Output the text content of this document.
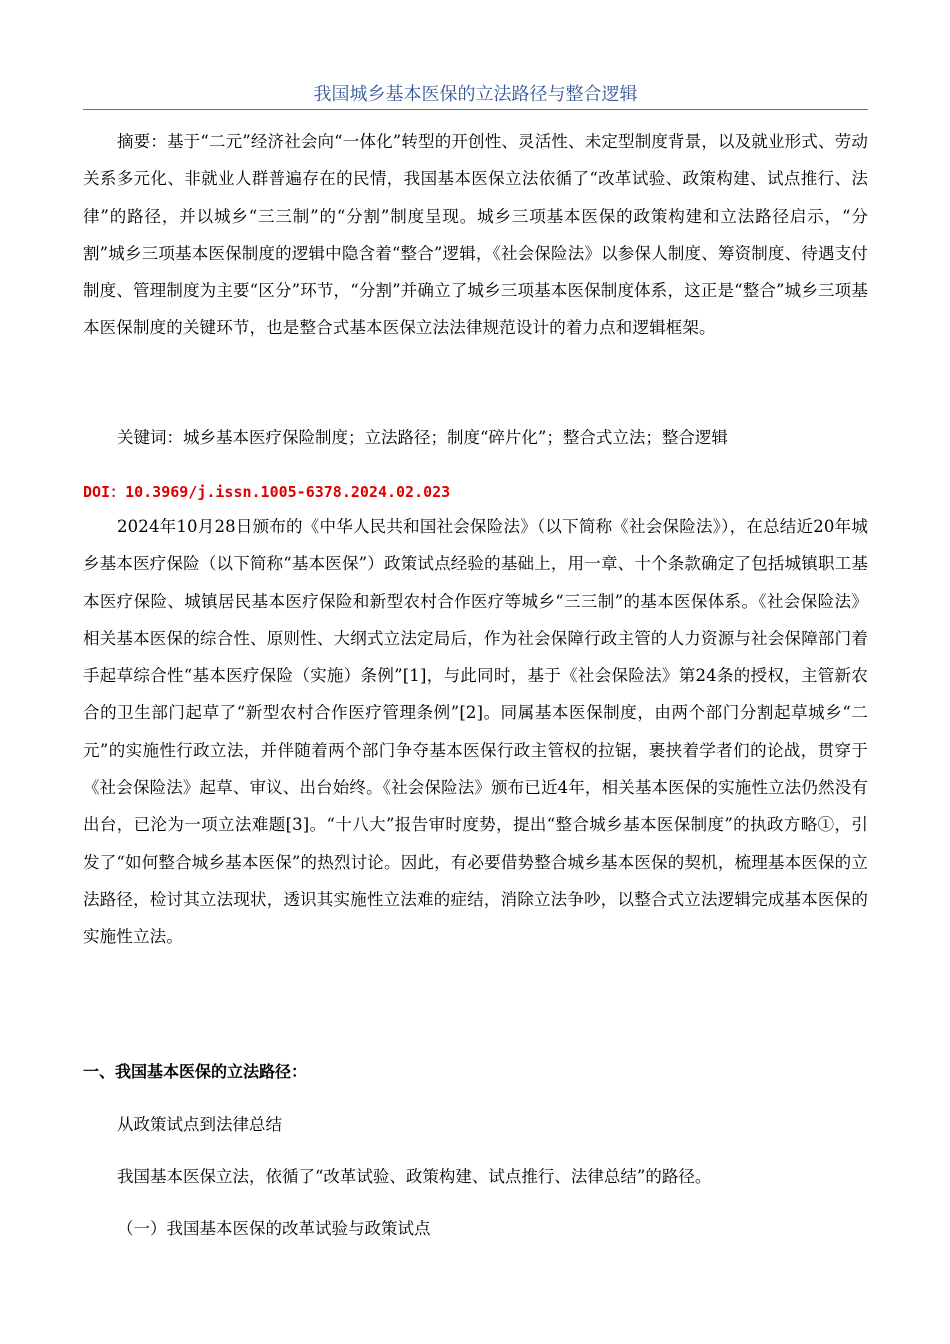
我国城乡基本医保的立法路径与整合逻辑

摘要：基于“二元”经济社会向“一体化”转型的开创性、灵活性、未定型制度背景，以及就业形式、劳动关系多元化、非就业人群普遍存在的民情，我国基本医保立法依循了“改革试验、政策构建、试点推行、法律”的路径，并以城乡“三三制”的“分割”制度呈现。城乡三项基本医保的政策构建和立法路径启示，“分割”城乡三项基本医保制度的逻辑中隐含着“整合”逻辑，《社会保险法》以参保人制度、筹资制度、待遇支付制度、管理制度为主要“区分”环节，“分割”并确立了城乡三项基本医保制度体系，这正是“整合”城乡三项基本医保制度的关键环节，也是整合式基本医保立法法律规范设计的着力点和逻辑框架。

关键词：城乡基本医疗保险制度；立法路径；制度“碎片化”；整合式立法；整合逻辑

DOI：10.3969/j.issn.1005-6378.2024.02.023

2024年10月28日颁布的《中华人民共和国社会保险法》（以下简称《社会保险法》），在总结近20年城乡基本医疗保险（以下简称“基本医保”）政策试点经验的基础上，用一章、十个条款确定了包括城镇职工基本医疗保险、城镇居民基本医疗保险和新型农村合作医疗等城乡“三三制”的基本医保体系。《社会保险法》相关基本医保的综合性、原则性、大纲式立法定局后，作为社会保障行政主管的人力资源与社会保障部门着手起草综合性“基本医疗保险（实施）条例”[1]，与此同时，基于《社会保险法》第24条的授权，主管新农合的卫生部门起草了“新型农村合作医疗管理条例”[2]。同属基本医保制度，由两个部门分割起草城乡“二元”的实施性行政立法，并伴随着两个部门争夺基本医保行政主管权的拉锯，裹挟着学者们的论战，贯穿于《社会保险法》起草、审议、出台始终。《社会保险法》颁布已近4年，相关基本医保的实施性立法仍然没有出台，已沦为一项立法难题[3]。“十八大”报告审时度势，提出“整合城乡基本医保制度”的执政方略①，引发了“如何整合城乡基本医保”的热烈讨论。因此，有必要借势整合城乡基本医保的契机，梳理基本医保的立法路径，检讨其立法现状，透识其实施性立法难的症结，消除立法争吵，以整合式立法逻辑完成基本医保的实施性立法。

一、我国基本医保的立法路径：

从政策试点到法律总结

我国基本医保立法，依循了“改革试验、政策构建、试点推行、法律总结”的路径。

（一）我国基本医保的改革试验与政策试点
